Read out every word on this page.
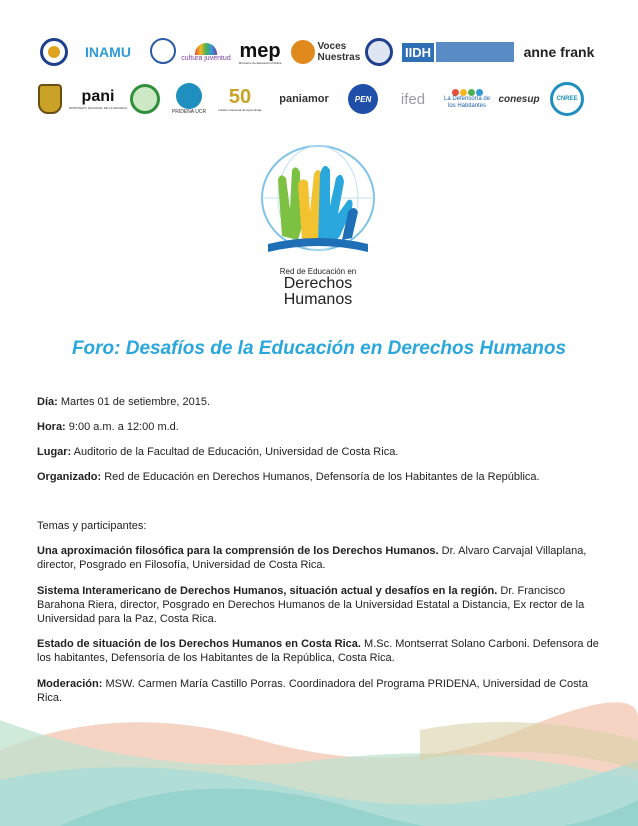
INAMU	cultura juventud mep
Ministerio de Educación Pública
Voces Nuestras	IIDH	anne frank
pani
PATRONATO NACIONAL DE LA INFANCIA
PRIDENA UCR
50
Instituto Nacional de Aprendizaje
paniamor	PEN ifed	La Defensoría de los Habitantes
conesup	CNREE
Red de Educación en
Derechos
Humanos
Foro: Desafíos de la Educación en Derechos Humanos
Día: Martes 01 de setiembre, 2015.
Hora: 9:00 a.m. a 12:00 m.d.
Lugar: Auditorio de la Facultad de Educación, Universidad de Costa Rica.
Organizado: Red de Educación en Derechos Humanos, Defensoría de los Habitantes de la República.
Temas y participantes:
Una aproximación filosófica para la comprensión de los Derechos Humanos. Dr. Alvaro Carvajal Villaplana, director, Posgrado en Filosofía, Universidad de Costa Rica.
Sistema Interamericano de Derechos Humanos, situación actual y desafíos en la región. Dr. Francisco Barahona Riera, director, Posgrado en Derechos Humanos de la Universidad Estatal a Distancia, Ex rector de la Universidad para la Paz, Costa Rica.
Estado de situación de los Derechos Humanos en Costa Rica. M.Sc. Montserrat Solano Carboni. Defensora de los habitantes, Defensoría de los Habitantes de la República, Costa Rica.
Moderación: MSW. Carmen María Castillo Porras. Coordinadora del Programa PRIDENA, Universidad de Costa Rica.
